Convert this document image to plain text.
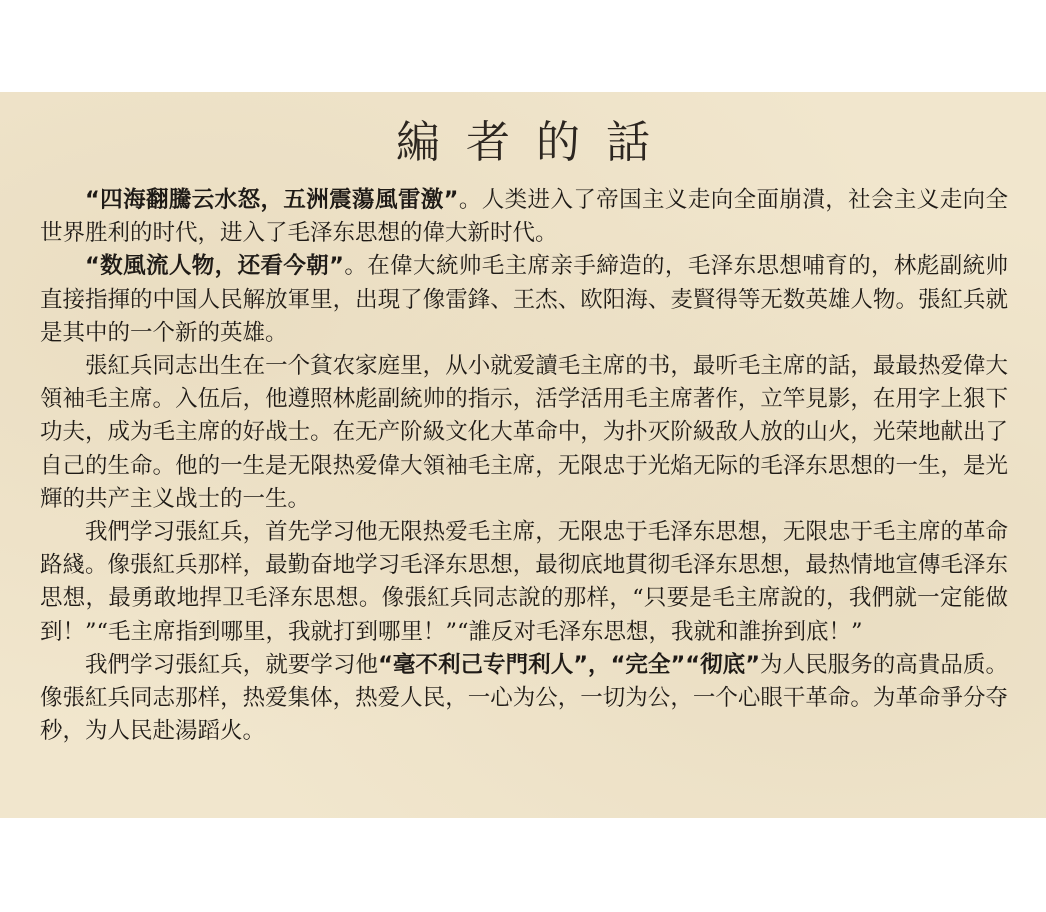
編者的話

“四海翻騰云水怒，五洲震蕩風雷激”。人类进入了帝国主义走向全面崩潰，社会主义走向全世界胜利的时代，进入了毛泽东思想的偉大新时代。

“数風流人物，还看今朝”。在偉大統帅毛主席亲手締造的，毛泽东思想哺育的，林彪副統帅直接指揮的中国人民解放軍里，出現了像雷鋒、王杰、欧阳海、麦賢得等无数英雄人物。張紅兵就是其中的一个新的英雄。

張紅兵同志出生在一个貧农家庭里，从小就爱讀毛主席的书，最听毛主席的話，最最热爱偉大領袖毛主席。入伍后，他遵照林彪副統帅的指示，活学活用毛主席著作，立竿見影，在用字上狠下功夫，成为毛主席的好战士。在无产阶級文化大革命中，为扑灭阶級敌人放的山火，光荣地献出了自己的生命。他的一生是无限热爱偉大領袖毛主席，无限忠于光焰无际的毛泽东思想的一生，是光輝的共产主义战士的一生。

我們学习張紅兵，首先学习他无限热爱毛主席，无限忠于毛泽东思想，无限忠于毛主席的革命路綫。像張紅兵那样，最勤奋地学习毛泽东思想，最彻底地貫彻毛泽东思想，最热情地宣傳毛泽东思想，最勇敢地捍卫毛泽东思想。像張紅兵同志說的那样，“只要是毛主席說的，我們就一定能做到！”“毛主席指到哪里，我就打到哪里！”“誰反对毛泽东思想，我就和誰拚到底！”

我們学习張紅兵，就要学习他“毫不利己专門利人”，“完全”“彻底”为人民服务的高貴品质。像張紅兵同志那样，热爱集体，热爱人民，一心为公，一切为公，一个心眼干革命。为革命爭分夺秒，为人民赴湯蹈火。
